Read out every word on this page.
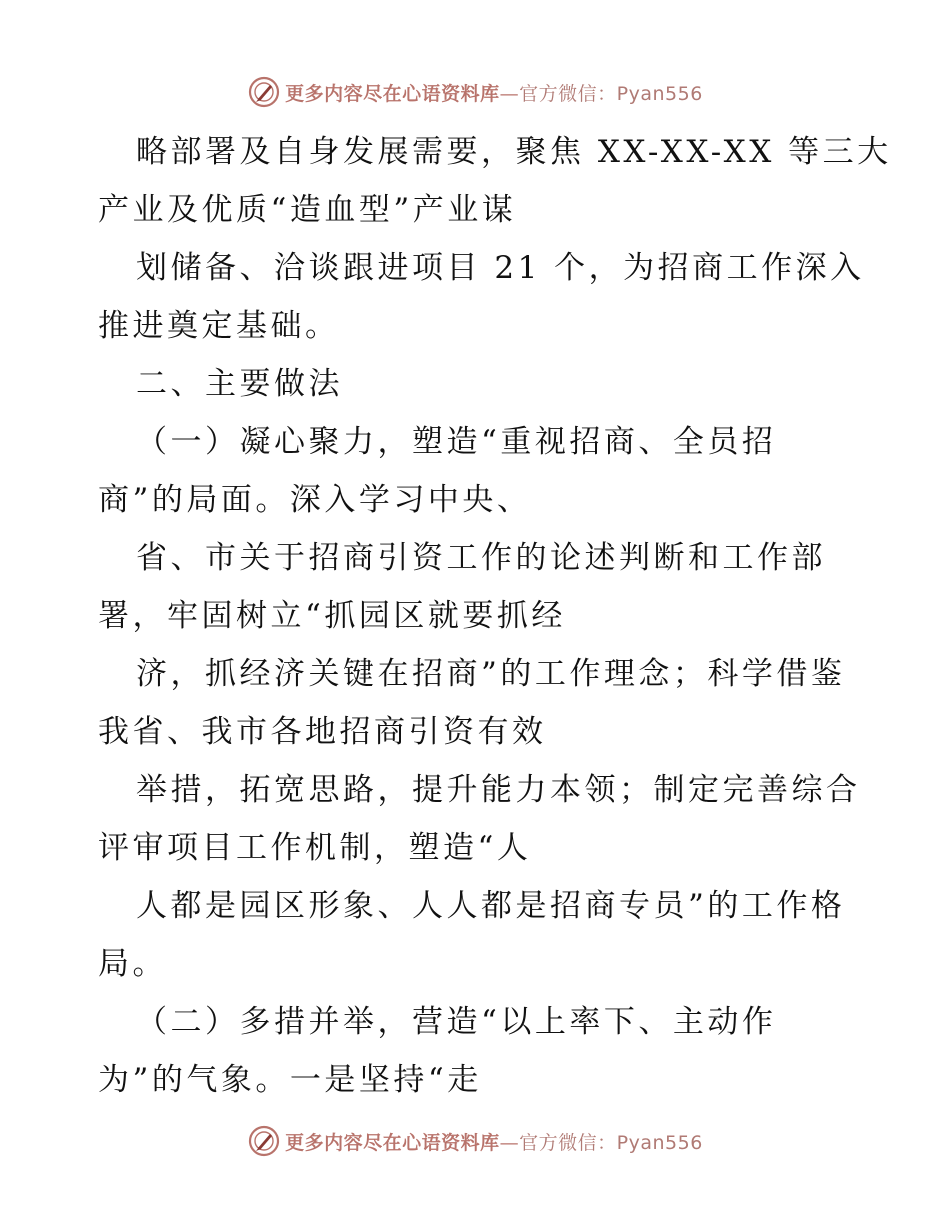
更多内容尽在心语资料库—官方微信：Pyan556
略部署及自身发展需要，聚焦 XX-XX-XX 等三大
产业及优质“造血型”产业谋
划储备、洽谈跟进项目 21 个，为招商工作深入
推进奠定基础。
二、主要做法
（一）凝心聚力，塑造“重视招商、全员招
商”的局面。深入学习中央、
省、市关于招商引资工作的论述判断和工作部
署，牢固树立“抓园区就要抓经
济，抓经济关键在招商”的工作理念；科学借鉴
我省、我市各地招商引资有效
举措，拓宽思路，提升能力本领；制定完善综合
评审项目工作机制，塑造“人
人都是园区形象、人人都是招商专员”的工作格
局。
（二）多措并举，营造“以上率下、主动作
为”的气象。一是坚持“走
更多内容尽在心语资料库—官方微信：Pyan556
